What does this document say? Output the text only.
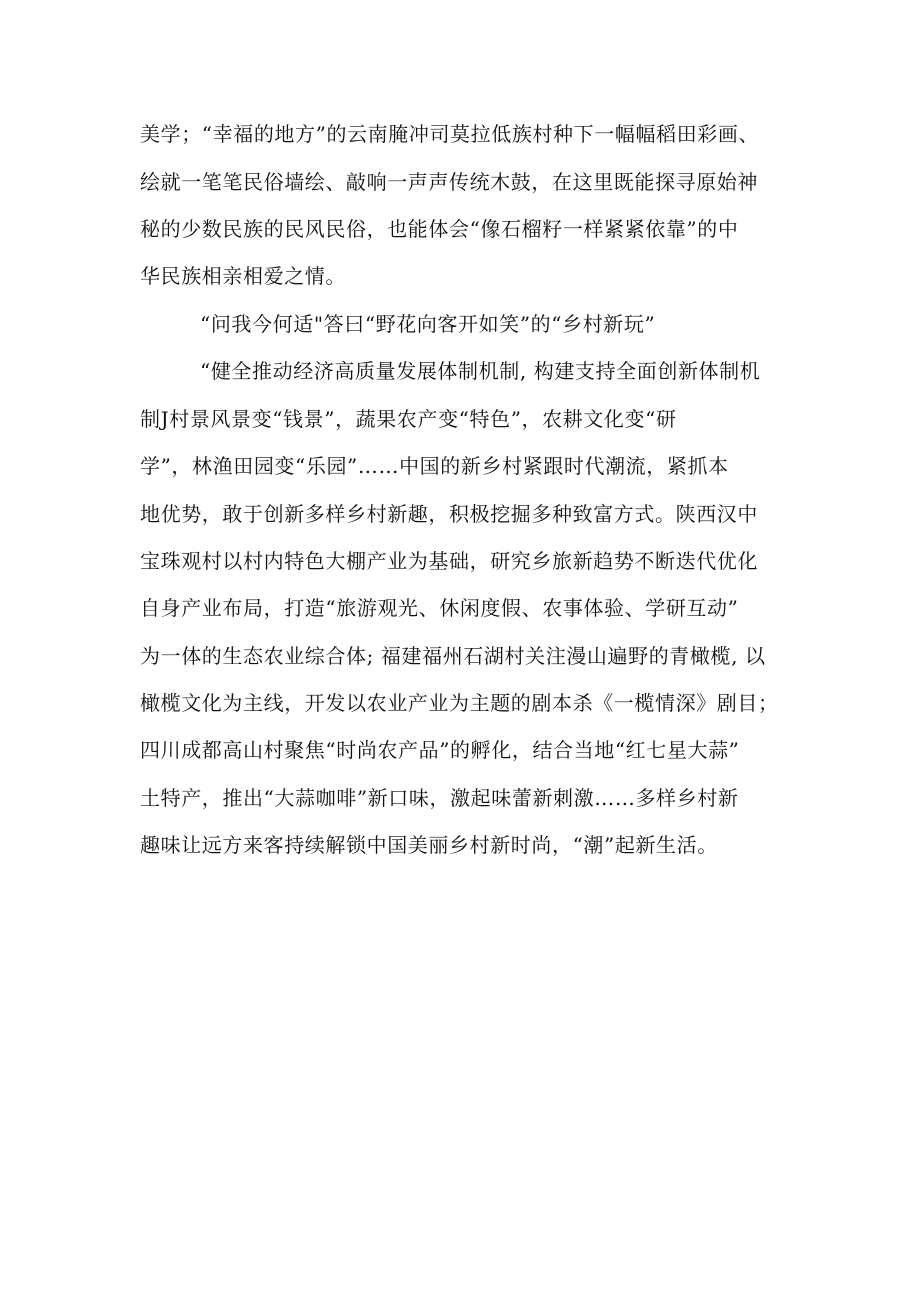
美学；“幸福的地方”的云南腌冲司莫拉低族村种下一幅幅稻田彩画、
绘就一笔笔民俗墙绘、敲响一声声传统木鼓，在这里既能探寻原始神
秘的少数民族的民风民俗，也能体会“像石榴籽一样紧紧依靠”的中
华民族相亲相爱之情。
“问我今何适"答曰“野花向客开如笑”的“乡村新玩”
“健全推动经济高质量发展体制机制, 构建支持全面创新体制机
制J村景风景变“钱景”，蔬果农产变“特色”，农耕文化变“研
学”，林渔田园变“乐园”……中国的新乡村紧跟时代潮流，紧抓本
地优势，敢于创新多样乡村新趣，积极挖掘多种致富方式。陕西汉中
宝珠观村以村内特色大棚产业为基础，研究乡旅新趋势不断迭代优化
自身产业布局，打造“旅游观光、休闲度假、农事体验、学研互动”
为一体的生态农业综合体; 福建福州石湖村关注漫山遍野的青橄榄, 以
橄榄文化为主线，开发以农业产业为主题的剧本杀《一榄情深》剧目；
四川成都高山村聚焦“时尚农产品”的孵化，结合当地“红七星大蒜”
土特产，推出“大蒜咖啡”新口味，激起味蕾新刺激……多样乡村新
趣味让远方来客持续解锁中国美丽乡村新时尚，“潮”起新生活。
